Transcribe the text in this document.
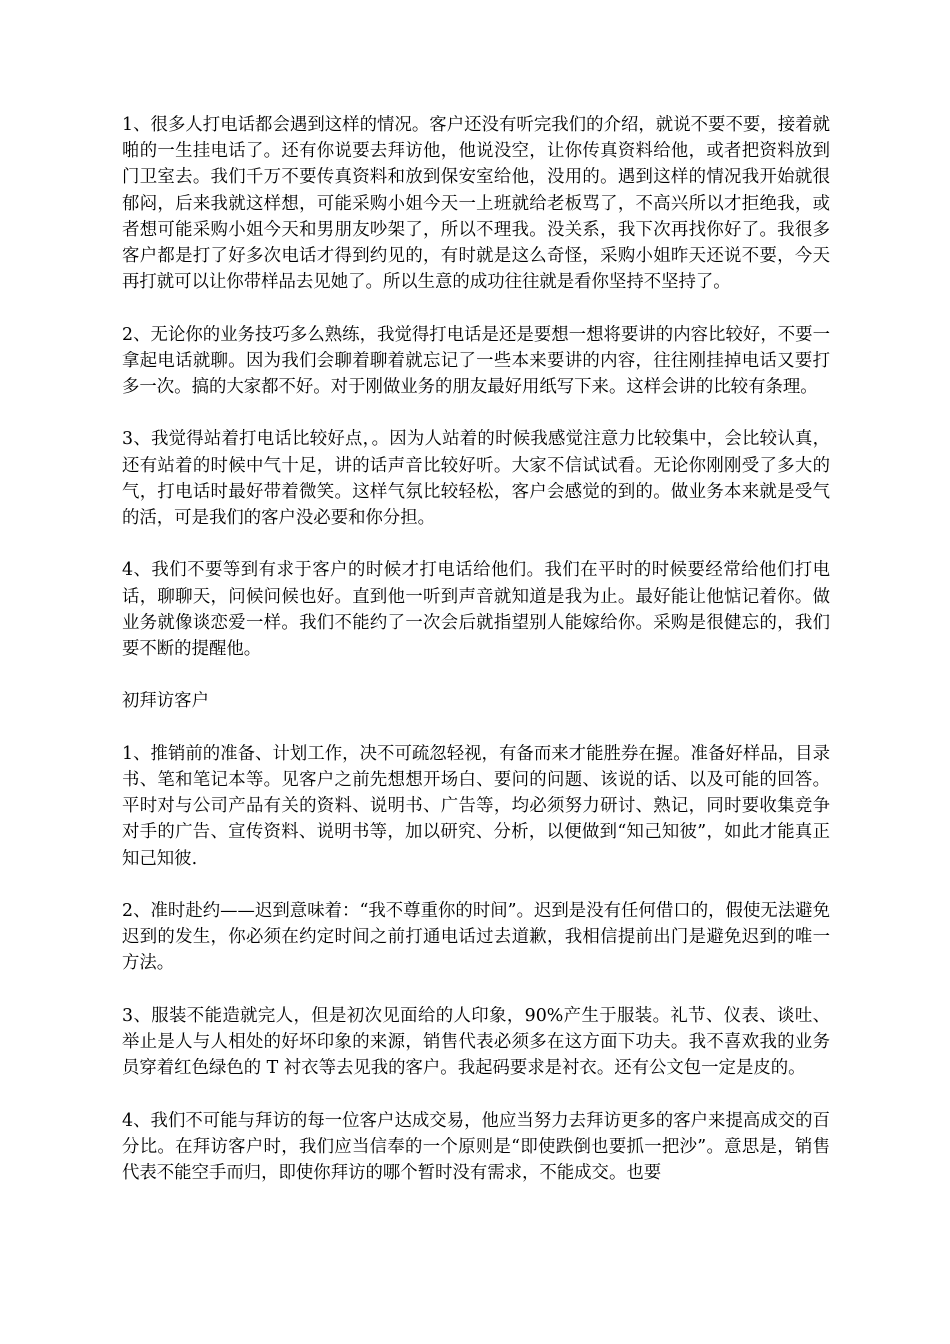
1、很多人打电话都会遇到这样的情况。客户还没有听完我们的介绍，就说不要不要，接着就啪的一生挂电话了。还有你说要去拜访他，他说没空，让你传真资料给他，或者把资料放到门卫室去。我们千万不要传真资料和放到保安室给他，没用的。遇到这样的情况我开始就很郁闷，后来我就这样想，可能采购小姐今天一上班就给老板骂了，不高兴所以才拒绝我，或者想可能采购小姐今天和男朋友吵架了，所以不理我。没关系，我下次再找你好了。我很多客户都是打了好多次电话才得到约见的，有时就是这么奇怪，采购小姐昨天还说不要，今天再打就可以让你带样品去见她了。所以生意的成功往往就是看你坚持不坚持了。

2、无论你的业务技巧多么熟练，我觉得打电话是还是要想一想将要讲的内容比较好，不要一拿起电话就聊。因为我们会聊着聊着就忘记了一些本来要讲的内容，往往刚挂掉电话又要打多一次。搞的大家都不好。对于刚做业务的朋友最好用纸写下来。这样会讲的比较有条理。

3、我觉得站着打电话比较好点，。因为人站着的时候我感觉注意力比较集中，会比较认真，还有站着的时候中气十足，讲的话声音比较好听。大家不信试试看。无论你刚刚受了多大的气，打电话时最好带着微笑。这样气氛比较轻松，客户会感觉的到的。做业务本来就是受气的活，可是我们的客户没必要和你分担。

4、我们不要等到有求于客户的时候才打电话给他们。我们在平时的时候要经常给他们打电话，聊聊天，问候问候也好。直到他一听到声音就知道是我为止。最好能让他惦记着你。做业务就像谈恋爱一样。我们不能约了一次会后就指望别人能嫁给你。采购是很健忘的，我们要不断的提醒他。

初拜访客户

1、推销前的准备、计划工作，决不可疏忽轻视，有备而来才能胜券在握。准备好样品，目录书、笔和笔记本等。见客户之前先想想开场白、要问的问题、该说的话、以及可能的回答。平时对与公司产品有关的资料、说明书、广告等，均必须努力研讨、熟记，同时要收集竞争对手的广告、宣传资料、说明书等，加以研究、分析，以便做到“知己知彼”，如此才能真正知己知彼.

2、准时赴约——迟到意味着：“我不尊重你的时间”。迟到是没有任何借口的，假使无法避免迟到的发生，你必须在约定时间之前打通电话过去道歉，我相信提前出门是避免迟到的唯一方法。

3、服装不能造就完人，但是初次见面给的人印象，90%产生于服装。礼节、仪表、谈吐、举止是人与人相处的好坏印象的来源，销售代表必须多在这方面下功夫。我不喜欢我的业务员穿着红色绿色的 T 衬衣等去见我的客户。我起码要求是衬衣。还有公文包一定是皮的。

4、我们不可能与拜访的每一位客户达成交易，他应当努力去拜访更多的客户来提高成交的百分比。在拜访客户时，我们应当信奉的一个原则是“即使跌倒也要抓一把沙”。意思是，销售代表不能空手而归，即使你拜访的哪个暂时没有需求，不能成交。也要
